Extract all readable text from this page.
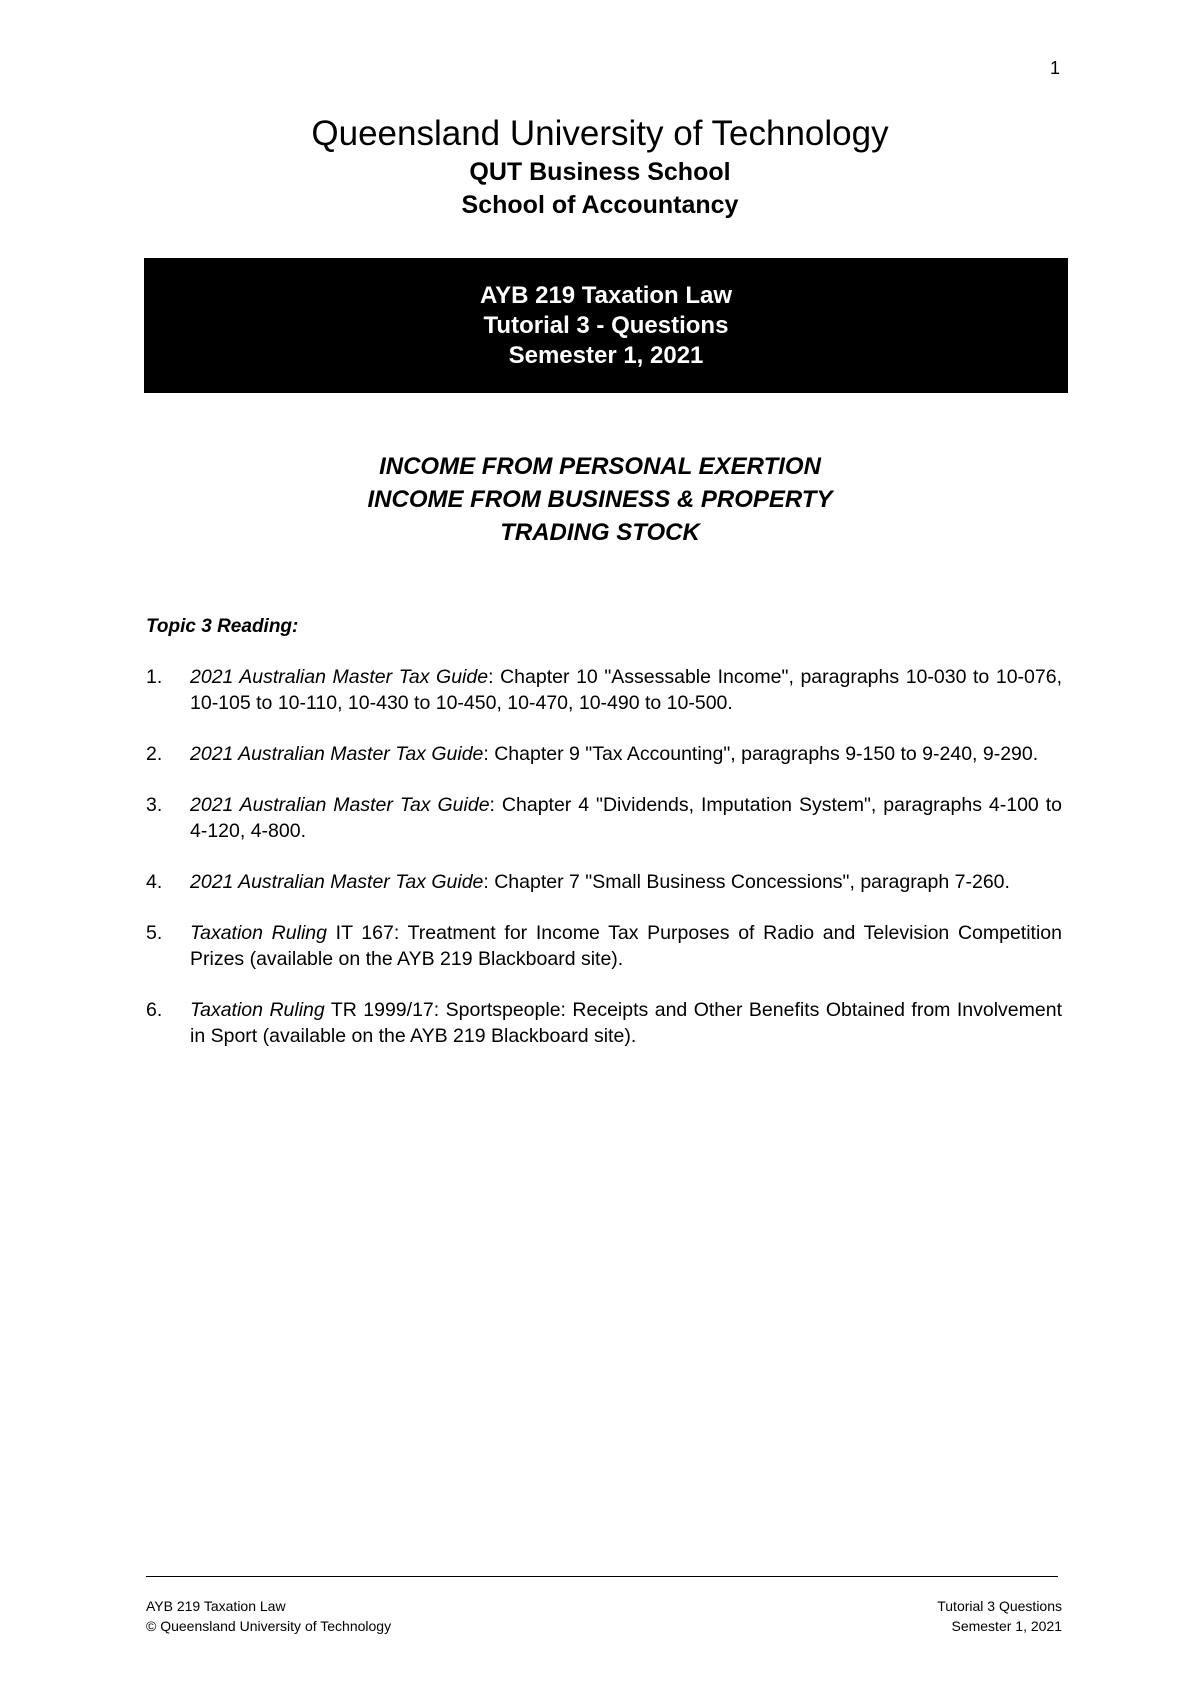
1
Queensland University of Technology
QUT Business School
School of Accountancy
AYB 219 Taxation Law
Tutorial 3 - Questions
Semester 1, 2021
INCOME FROM PERSONAL EXERTION
INCOME FROM BUSINESS & PROPERTY
TRADING STOCK
Topic 3 Reading:
1. 2021 Australian Master Tax Guide: Chapter 10 "Assessable Income", paragraphs 10-030 to 10-076, 10-105 to 10-110, 10-430 to 10-450, 10-470, 10-490 to 10-500.
2. 2021 Australian Master Tax Guide: Chapter 9 "Tax Accounting", paragraphs 9-150 to 9-240, 9-290.
3. 2021 Australian Master Tax Guide: Chapter 4 "Dividends, Imputation System", paragraphs 4-100 to 4-120, 4-800.
4. 2021 Australian Master Tax Guide: Chapter 7 "Small Business Concessions", paragraph 7-260.
5. Taxation Ruling IT 167: Treatment for Income Tax Purposes of Radio and Television Competition Prizes (available on the AYB 219 Blackboard site).
6. Taxation Ruling TR 1999/17: Sportspeople: Receipts and Other Benefits Obtained from Involvement in Sport (available on the AYB 219 Blackboard site).
AYB 219 Taxation Law
© Queensland University of Technology
Tutorial 3 Questions
Semester 1, 2021
